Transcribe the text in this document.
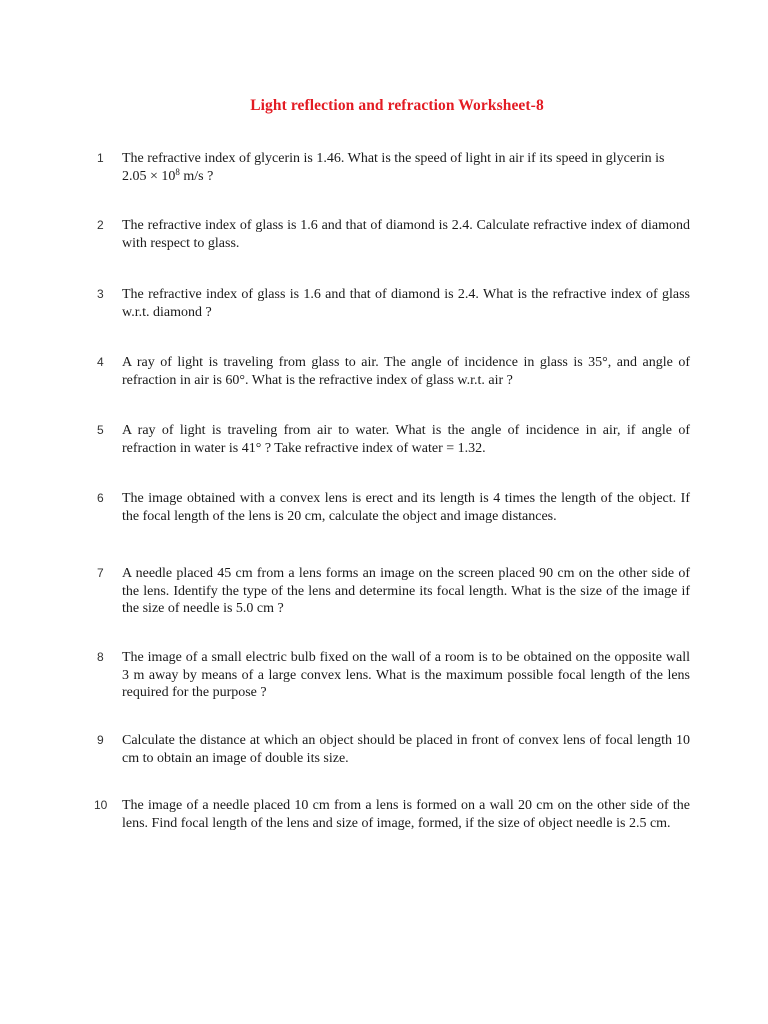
Light reflection and refraction Worksheet-8
1 The refractive index of glycerin is 1.46. What is the speed of light in air if its speed in glycerin is
$2.05 \times 10^8$ m/s ?
2 The refractive index of glass is 1.6 and that of diamond is 2.4. Calculate refractive index of diamond with respect to glass.
3 The refractive index of glass is 1.6 and that of diamond is 2.4. What is the refractive index of glass w.r.t. diamond ?
4 A ray of light is traveling from glass to air. The angle of incidence in glass is 35°, and angle of refraction in air is 60°. What is the refractive index of glass w.r.t. air ?
5 A ray of light is traveling from air to water. What is the angle of incidence in air, if angle of refraction in water is 41° ? Take refractive index of water = 1.32.
6 The image obtained with a convex lens is erect and its length is 4 times the length of the object. If the focal length of the lens is 20 cm, calculate the object and image distances.
7 A needle placed 45 cm from a lens forms an image on the screen placed 90 cm on the other side of the lens. Identify the type of the lens and determine its focal length. What is the size of the image if the size of needle is 5.0 cm ?
8 The image of a small electric bulb fixed on the wall of a room is to be obtained on the opposite wall 3 m away by means of a large convex lens. What is the maximum possible focal length of the lens required for the purpose ?
9 Calculate the distance at which an object should be placed in front of convex lens of focal length 10 cm to obtain an image of double its size.
10 The image of a needle placed 10 cm from a lens is formed on a wall 20 cm on the other side of the lens. Find focal length of the lens and size of image, formed, if the size of object needle is 2.5 cm.
